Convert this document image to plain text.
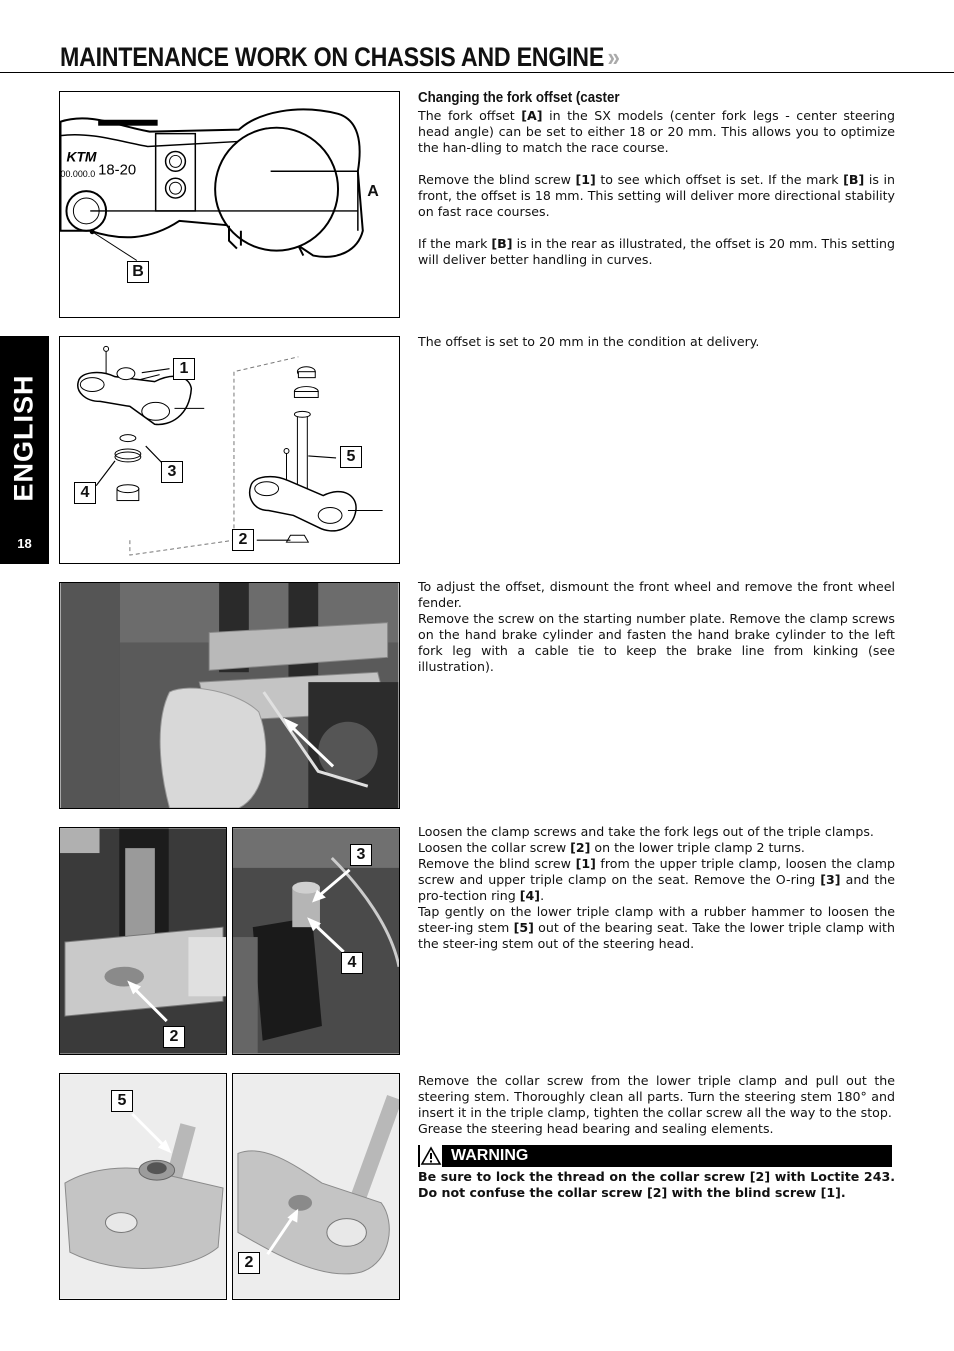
MAINTENANCE WORK ON CHASSIS AND ENGINE »
ENGLISH
18
KTM
00.000.0 18-20
A
B
1
5
3
4
2
2
3
4
5
2
Changing the fork offset (caster

The fork offset [A] in the SX models (center fork legs - center steering head angle) can be set to either 18 or 20 mm. This allows you to optimize the han-dling to match the race course.

Remove the blind screw [1] to see which offset is set. If the mark [B] is in front, the offset is 18 mm. This setting will deliver more directional stability on fast race courses.

If the mark [B] is in the rear as illustrated, the offset is 20 mm. This setting will deliver better handling in curves.

The offset is set to 20 mm in the condition at delivery.

To adjust the offset, dismount the front wheel and remove the front wheel fender.

Remove the screw on the starting number plate. Remove the clamp screws on the hand brake cylinder and fasten the hand brake cylinder to the left fork leg with a cable tie to keep the brake line from kinking (see illustration).

Loosen the clamp screws and take the fork legs out of the triple clamps.

Loosen the collar screw [2] on the lower triple clamp 2 turns.

Remove the blind screw [1] from the upper triple clamp, loosen the clamp screw and upper triple clamp on the seat. Remove the O-ring [3] and the pro-tection ring [4].

Tap gently on the lower triple clamp with a rubber hammer to loosen the steer-ing stem [5] out of the bearing seat. Take the lower triple clamp with the steer-ing stem out of the steering head.

Remove the collar screw from the lower triple clamp and pull out the steering stem. Thoroughly clean all parts. Turn the steering stem 180° and insert it in the triple clamp, tighten the collar screw all the way to the stop.

Grease the steering head bearing and sealing elements.

WARNING
Be sure to lock the thread on the collar screw [2] with Loctite 243. Do not confuse the collar screw [2] with the blind screw [1].
